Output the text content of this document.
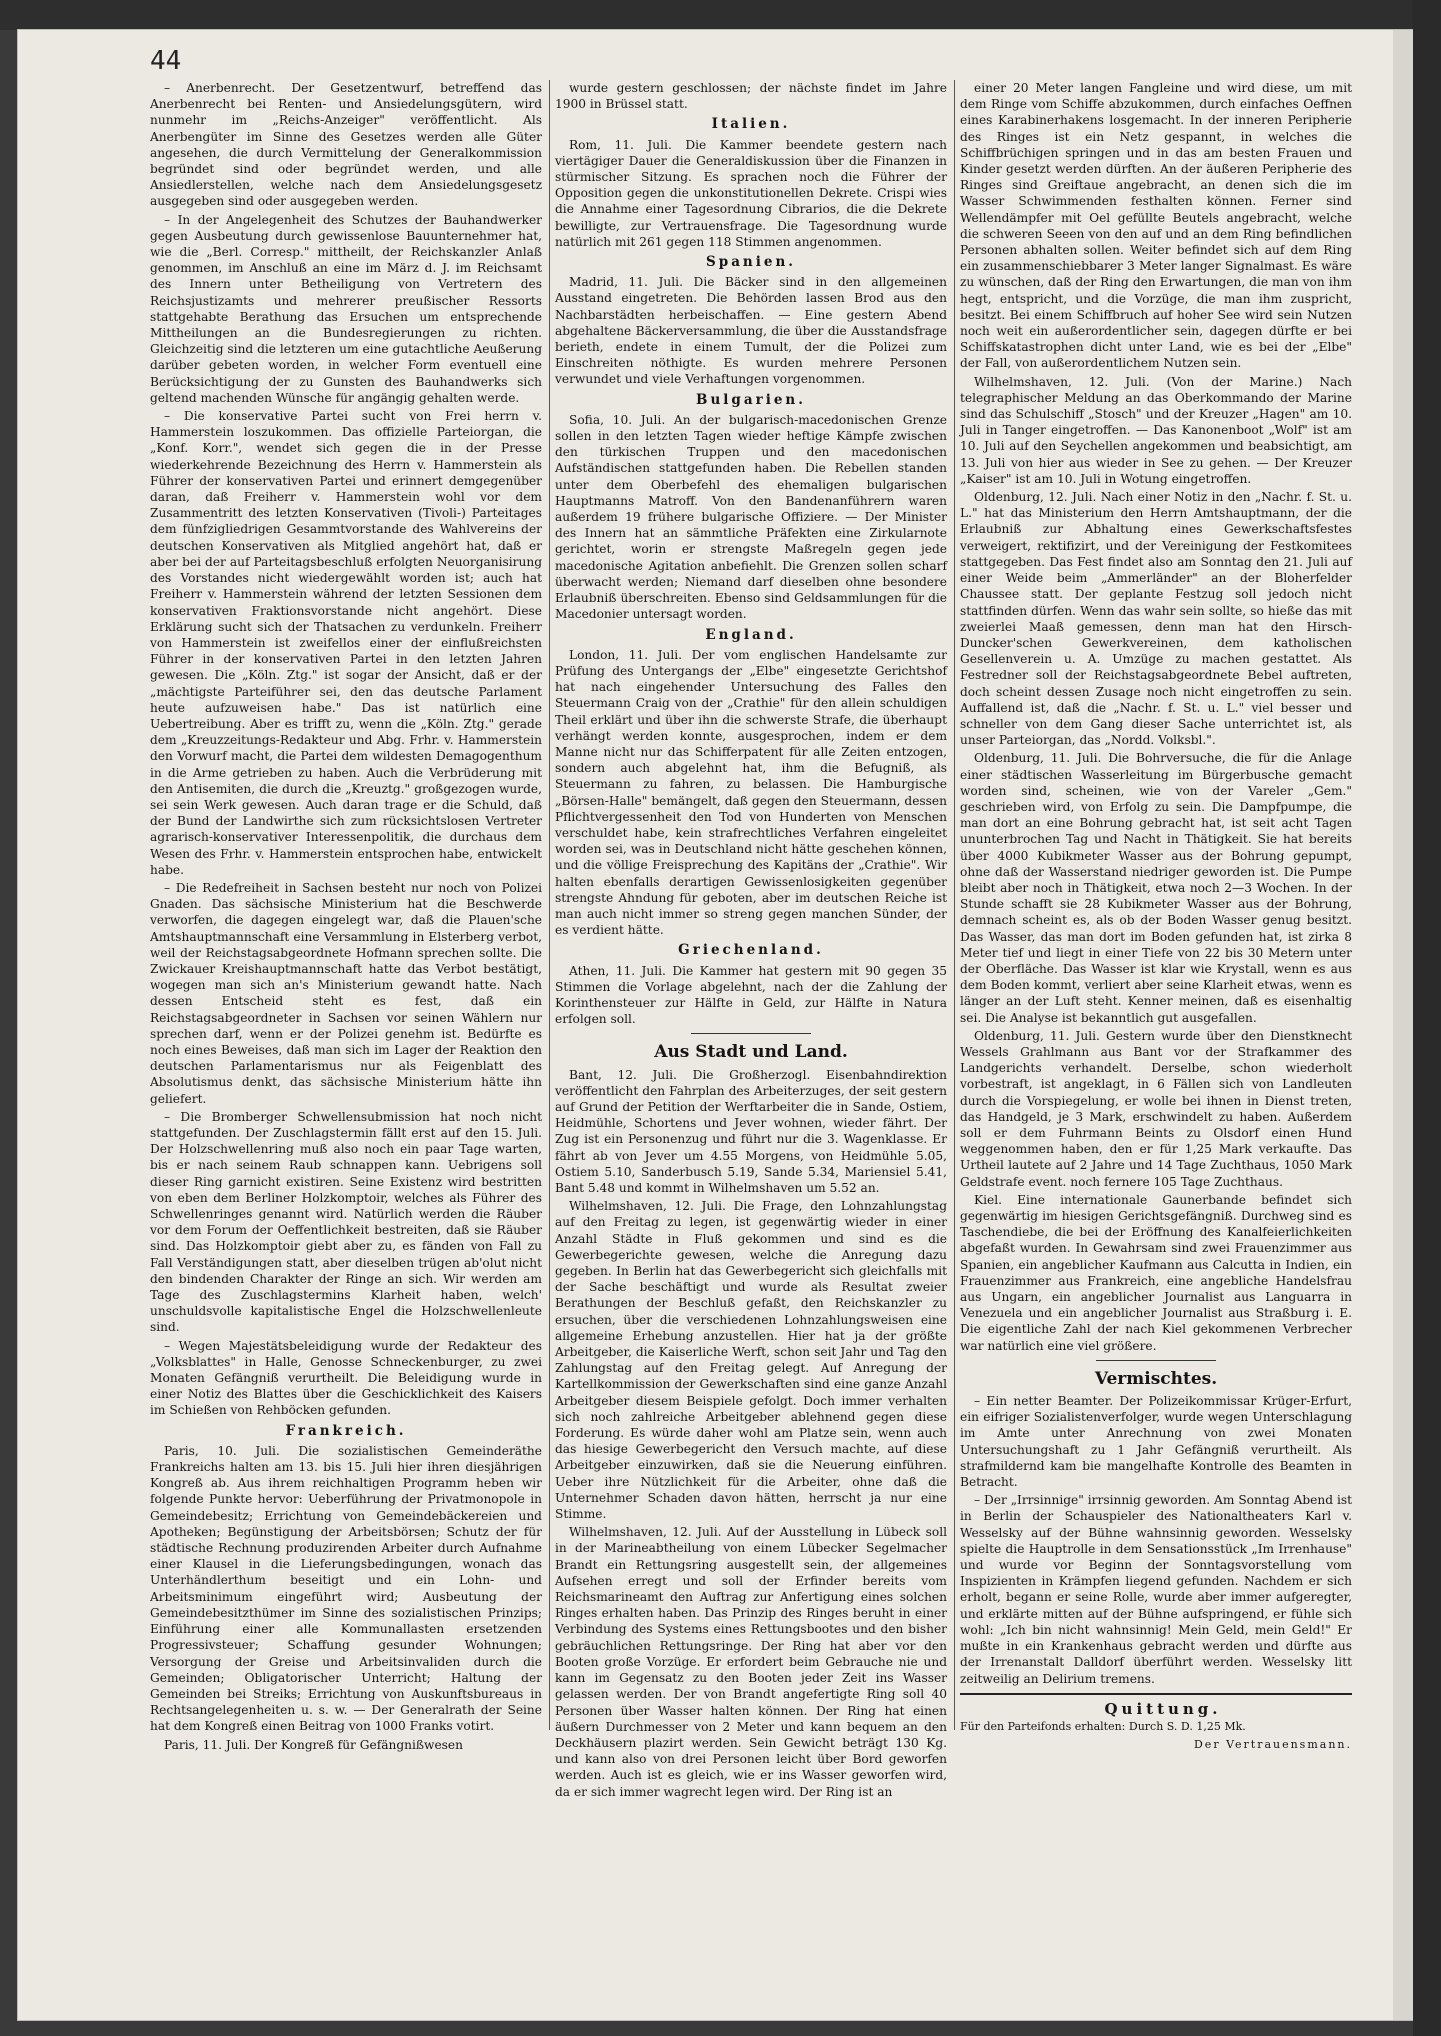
44

– Anerbenrecht. Der Gesetzentwurf, betreffend das Anerbenrecht bei Renten- und Ansiedelungsgütern, wird nunmehr im „Reichs-Anzeiger" veröffentlicht. Als Anerbengüter im Sinne des Gesetzes werden alle Güter angesehen, die durch Vermittelung der Generalkommission begründet sind oder begründet werden, und alle Ansiedlerstellen, welche nach dem Ansiedelungsgesetz ausgegeben sind oder ausgegeben werden.

– In der Angelegenheit des Schutzes der Bauhandwerker gegen Ausbeutung durch gewissenlose Bauunternehmer hat, wie die „Berl. Corresp." mittheilt, der Reichskanzler Anlaß genommen, im Anschluß an eine im März d. J. im Reichsamt des Innern unter Betheiligung von Vertretern des Reichsjustizamts und mehrerer preußischer Ressorts stattgehabte Berathung das Ersuchen um entsprechende Mittheilungen an die Bundesregierungen zu richten. Gleichzeitig sind die letzteren um eine gutachtliche Aeußerung darüber gebeten worden, in welcher Form eventuell eine Berücksichtigung der zu Gunsten des Bauhandwerks sich geltend machenden Wünsche für angängig gehalten werde.

– Die konservative Partei sucht von Frei herrn v. Hammerstein loszukommen. Das offizielle Parteiorgan, die „Konf. Korr.", wendet sich gegen die in der Presse wiederkehrende Bezeichnung des Herrn v. Hammerstein als Führer der konservativen Partei und erinnert demgegenüber daran, daß Freiherr v. Hammerstein wohl vor dem Zusammentritt des letzten Konservativen (Tivoli-) Parteitages dem fünfzigliedrigen Gesammtvorstande des Wahlvereins der deutschen Konservativen als Mitglied angehört hat, daß er aber bei der auf Parteitagsbeschluß erfolgten Neuorganisirung des Vorstandes nicht wiedergewählt worden ist; auch hat Freiherr v. Hammerstein während der letzten Sessionen dem konservativen Fraktionsvorstande nicht angehört. Diese Erklärung sucht sich der Thatsachen zu verdunkeln. Freiherr von Hammerstein ist zweifellos einer der einflußreichsten Führer in der konservativen Partei in den letzten Jahren gewesen. Die „Köln. Ztg." ist sogar der Ansicht, daß er der „mächtigste Parteiführer sei, den das deutsche Parlament heute aufzuweisen habe." Das ist natürlich eine Uebertreibung. Aber es trifft zu, wenn die „Köln. Ztg." gerade dem „Kreuzzeitungs-Redakteur und Abg. Frhr. v. Hammerstein den Vorwurf macht, die Partei dem wildesten Demagogenthum in die Arme getrieben zu haben. Auch die Verbrüderung mit den Antisemiten, die durch die „Kreuztg." großgezogen wurde, sei sein Werk gewesen. Auch daran trage er die Schuld, daß der Bund der Landwirthe sich zum rücksichtslosen Vertreter agrarisch-konservativer Interessenpolitik, die durchaus dem Wesen des Frhr. v. Hammerstein entsprochen habe, entwickelt habe.

– Die Redefreiheit in Sachsen besteht nur noch von Polizei Gnaden. Das sächsische Ministerium hat die Beschwerde verworfen, die dagegen eingelegt war, daß die Plauen'sche Amtshauptmannschaft eine Versammlung in Elsterberg verbot, weil der Reichstagsabgeordnete Hofmann sprechen sollte. Die Zwickauer Kreishauptmannschaft hatte das Verbot bestätigt, wogegen man sich an's Ministerium gewandt hatte. Nach dessen Entscheid steht es fest, daß ein Reichstagsabgeordneter in Sachsen vor seinen Wählern nur sprechen darf, wenn er der Polizei genehm ist. Bedürfte es noch eines Beweises, daß man sich im Lager der Reaktion den deutschen Parlamentarismus nur als Feigenblatt des Absolutismus denkt, das sächsische Ministerium hätte ihn geliefert.

– Die Bromberger Schwellensubmission hat noch nicht stattgefunden. Der Zuschlagstermin fällt erst auf den 15. Juli. Der Holzschwellenring muß also noch ein paar Tage warten, bis er nach seinem Raub schnappen kann. Uebrigens soll dieser Ring garnicht existiren. Seine Existenz wird bestritten von eben dem Berliner Holzkomptoir, welches als Führer des Schwellenringes genannt wird. Natürlich werden die Räuber vor dem Forum der Oeffentlichkeit bestreiten, daß sie Räuber sind. Das Holzkomptoir giebt aber zu, es fänden von Fall zu Fall Verständigungen statt, aber dieselben trügen ab'olut nicht den bindenden Charakter der Ringe an sich. Wir werden am Tage des Zuschlagstermins Klarheit haben, welch' unschuldsvolle kapitalistische Engel die Holzschwellenleute sind.

– Wegen Majestätsbeleidigung wurde der Redakteur des „Volksblattes" in Halle, Genosse Schneckenburger, zu zwei Monaten Gefängniß verurtheilt. Die Beleidigung wurde in einer Notiz des Blattes über die Geschicklichkeit des Kaisers im Schießen von Rehböcken gefunden.

Frankreich.

Paris, 10. Juli. Die sozialistischen Gemeinderäthe Frankreichs halten am 13. bis 15. Juli hier ihren diesjährigen Kongreß ab. Aus ihrem reichhaltigen Programm heben wir folgende Punkte hervor: Ueberführung der Privatmonopole in Gemeindebesitz; Errichtung von Gemeindebäckereien und Apotheken; Begünstigung der Arbeitsbörsen; Schutz der für städtische Rechnung produzirenden Arbeiter durch Aufnahme einer Klausel in die Lieferungsbedingungen, wonach das Unterhändlerthum beseitigt und ein Lohn- und Arbeitsminimum eingeführt wird; Ausbeutung der Gemeindebesitzthümer im Sinne des sozialistischen Prinzips; Einführung einer alle Kommunallasten ersetzenden Progressivsteuer; Schaffung gesunder Wohnungen; Versorgung der Greise und Arbeitsinvaliden durch die Gemeinden; Obligatorischer Unterricht; Haltung der Gemeinden bei Streiks; Errichtung von Auskunftsbureaus in Rechtsangelegenheiten u. s. w. — Der Generalrath der Seine hat dem Kongreß einen Beitrag von 1000 Franks votirt.

Paris, 11. Juli. Der Kongreß für Gefängnißwesen

wurde gestern geschlossen; der nächste findet im Jahre 1900 in Brüssel statt.

Italien.

Rom, 11. Juli. Die Kammer beendete gestern nach viertägiger Dauer die Generaldiskussion über die Finanzen in stürmischer Sitzung. Es sprachen noch die Führer der Opposition gegen die unkonstitutionellen Dekrete. Crispi wies die Annahme einer Tagesordnung Cibrarios, die die Dekrete bewilligte, zur Vertrauensfrage. Die Tagesordnung wurde natürlich mit 261 gegen 118 Stimmen angenommen.

Spanien.

Madrid, 11. Juli. Die Bäcker sind in den allgemeinen Ausstand eingetreten. Die Behörden lassen Brod aus den Nachbarstädten herbeischaffen. — Eine gestern Abend abgehaltene Bäckerversammlung, die über die Ausstandsfrage berieth, endete in einem Tumult, der die Polizei zum Einschreiten nöthigte. Es wurden mehrere Personen verwundet und viele Verhaftungen vorgenommen.

Bulgarien.

Sofia, 10. Juli. An der bulgarisch-macedonischen Grenze sollen in den letzten Tagen wieder heftige Kämpfe zwischen den türkischen Truppen und den macedonischen Aufständischen stattgefunden haben. Die Rebellen standen unter dem Oberbefehl des ehemaligen bulgarischen Hauptmanns Matroff. Von den Bandenanführern waren außerdem 19 frühere bulgarische Offiziere. — Der Minister des Innern hat an sämmtliche Präfekten eine Zirkularnote gerichtet, worin er strengste Maßregeln gegen jede macedonische Agitation anbefiehlt. Die Grenzen sollen scharf überwacht werden; Niemand darf dieselben ohne besondere Erlaubniß überschreiten. Ebenso sind Geldsammlungen für die Macedonier untersagt worden.

England.

London, 11. Juli. Der vom englischen Handelsamte zur Prüfung des Untergangs der „Elbe" eingesetzte Gerichtshof hat nach eingehender Untersuchung des Falles den Steuermann Craig von der „Crathie" für den allein schuldigen Theil erklärt und über ihn die schwerste Strafe, die überhaupt verhängt werden konnte, ausgesprochen, indem er dem Manne nicht nur das Schifferpatent für alle Zeiten entzogen, sondern auch abgelehnt hat, ihm die Befugniß, als Steuermann zu fahren, zu belassen. Die Hamburgische „Börsen-Halle" bemängelt, daß gegen den Steuermann, dessen Pflichtvergessenheit den Tod von Hunderten von Menschen verschuldet habe, kein strafrechtliches Verfahren eingeleitet worden sei, was in Deutschland nicht hätte geschehen können, und die völlige Freisprechung des Kapitäns der „Crathie". Wir halten ebenfalls derartigen Gewissenlosigkeiten gegenüber strengste Ahndung für geboten, aber im deutschen Reiche ist man auch nicht immer so streng gegen manchen Sünder, der es verdient hätte.

Griechenland.

Athen, 11. Juli. Die Kammer hat gestern mit 90 gegen 35 Stimmen die Vorlage abgelehnt, nach der die Zahlung der Korinthensteuer zur Hälfte in Geld, zur Hälfte in Natura erfolgen soll.

Aus Stadt und Land.

Bant, 12. Juli. Die Großherzogl. Eisenbahndirektion veröffentlicht den Fahrplan des Arbeiterzuges, der seit gestern auf Grund der Petition der Werftarbeiter die in Sande, Ostiem, Heidmühle, Schortens und Jever wohnen, wieder fährt. Der Zug ist ein Personenzug und führt nur die 3. Wagenklasse. Er fährt ab von Jever um 4.55 Morgens, von Heidmühle 5.05, Ostiem 5.10, Sanderbusch 5.19, Sande 5.34, Mariensiel 5.41, Bant 5.48 und kommt in Wilhelmshaven um 5.52 an.

Wilhelmshaven, 12. Juli. Die Frage, den Lohnzahlungstag auf den Freitag zu legen, ist gegenwärtig wieder in einer Anzahl Städte in Fluß gekommen und sind es die Gewerbegerichte gewesen, welche die Anregung dazu gegeben. In Berlin hat das Gewerbegericht sich gleichfalls mit der Sache beschäftigt und wurde als Resultat zweier Berathungen der Beschluß gefaßt, den Reichskanzler zu ersuchen, über die verschiedenen Lohnzahlungsweisen eine allgemeine Erhebung anzustellen. Hier hat ja der größte Arbeitgeber, die Kaiserliche Werft, schon seit Jahr und Tag den Zahlungstag auf den Freitag gelegt. Auf Anregung der Kartellkommission der Gewerkschaften sind eine ganze Anzahl Arbeitgeber diesem Beispiele gefolgt. Doch immer verhalten sich noch zahlreiche Arbeitgeber ablehnend gegen diese Forderung. Es würde daher wohl am Platze sein, wenn auch das hiesige Gewerbegericht den Versuch machte, auf diese Arbeitgeber einzuwirken, daß sie die Neuerung einführen. Ueber ihre Nützlichkeit für die Arbeiter, ohne daß die Unternehmer Schaden davon hätten, herrscht ja nur eine Stimme.

Wilhelmshaven, 12. Juli. Auf der Ausstellung in Lübeck soll in der Marineabtheilung von einem Lübecker Segelmacher Brandt ein Rettungsring ausgestellt sein, der allgemeines Aufsehen erregt und soll der Erfinder bereits vom Reichsmarineamt den Auftrag zur Anfertigung eines solchen Ringes erhalten haben. Das Prinzip des Ringes beruht in einer Verbindung des Systems eines Rettungsbootes und den bisher gebräuchlichen Rettungsringe. Der Ring hat aber vor den Booten große Vorzüge. Er erfordert beim Gebrauche nie und kann im Gegensatz zu den Booten jeder Zeit ins Wasser gelassen werden. Der von Brandt angefertigte Ring soll 40 Personen über Wasser halten können. Der Ring hat einen äußern Durchmesser von 2 Meter und kann bequem an den Deckhäusern plazirt werden. Sein Gewicht beträgt 130 Kg. und kann also von drei Personen leicht über Bord geworfen werden. Auch ist es gleich, wie er ins Wasser geworfen wird, da er sich immer wagrecht legen wird. Der Ring ist an

einer 20 Meter langen Fangleine und wird diese, um mit dem Ringe vom Schiffe abzukommen, durch einfaches Oeffnen eines Karabinerhakens losgemacht. In der inneren Peripherie des Ringes ist ein Netz gespannt, in welches die Schiffbrüchigen springen und in das am besten Frauen und Kinder gesetzt werden dürften. An der äußeren Peripherie des Ringes sind Greiftaue angebracht, an denen sich die im Wasser Schwimmenden festhalten können. Ferner sind Wellendämpfer mit Oel gefüllte Beutels angebracht, welche die schweren Seeen von den auf und an dem Ring befindlichen Personen abhalten sollen. Weiter befindet sich auf dem Ring ein zusammenschiebbarer 3 Meter langer Signalmast. Es wäre zu wünschen, daß der Ring den Erwartungen, die man von ihm hegt, entspricht, und die Vorzüge, die man ihm zuspricht, besitzt. Bei einem Schiffbruch auf hoher See wird sein Nutzen noch weit ein außerordentlicher sein, dagegen dürfte er bei Schiffskatastrophen dicht unter Land, wie es bei der „Elbe" der Fall, von außerordentlichem Nutzen sein.

Wilhelmshaven, 12. Juli. (Von der Marine.) Nach telegraphischer Meldung an das Oberkommando der Marine sind das Schulschiff „Stosch" und der Kreuzer „Hagen" am 10. Juli in Tanger eingetroffen. — Das Kanonenboot „Wolf" ist am 10. Juli auf den Seychellen angekommen und beabsichtigt, am 13. Juli von hier aus wieder in See zu gehen. — Der Kreuzer „Kaiser" ist am 10. Juli in Wotung eingetroffen.

Oldenburg, 12. Juli. Nach einer Notiz in den „Nachr. f. St. u. L." hat das Ministerium den Herrn Amtshauptmann, der die Erlaubniß zur Abhaltung eines Gewerkschaftsfestes verweigert, rektifizirt, und der Vereinigung der Festkomitees stattgegeben. Das Fest findet also am Sonntag den 21. Juli auf einer Weide beim „Ammerländer" an der Bloherfelder Chaussee statt. Der geplante Festzug soll jedoch nicht stattfinden dürfen. Wenn das wahr sein sollte, so hieße das mit zweierlei Maaß gemessen, denn man hat den Hirsch-Duncker'schen Gewerkvereinen, dem katholischen Gesellenverein u. A. Umzüge zu machen gestattet. Als Festredner soll der Reichstagsabgeordnete Bebel auftreten, doch scheint dessen Zusage noch nicht eingetroffen zu sein. Auffallend ist, daß die „Nachr. f. St. u. L." viel besser und schneller von dem Gang dieser Sache unterrichtet ist, als unser Parteiorgan, das „Nordd. Volksbl.".

Oldenburg, 11. Juli. Die Bohrversuche, die für die Anlage einer städtischen Wasserleitung im Bürgerbusche gemacht worden sind, scheinen, wie von der Vareler „Gem." geschrieben wird, von Erfolg zu sein. Die Dampfpumpe, die man dort an eine Bohrung gebracht hat, ist seit acht Tagen ununterbrochen Tag und Nacht in Thätigkeit. Sie hat bereits über 4000 Kubikmeter Wasser aus der Bohrung gepumpt, ohne daß der Wasserstand niedriger geworden ist. Die Pumpe bleibt aber noch in Thätigkeit, etwa noch 2—3 Wochen. In der Stunde schafft sie 28 Kubikmeter Wasser aus der Bohrung, demnach scheint es, als ob der Boden Wasser genug besitzt. Das Wasser, das man dort im Boden gefunden hat, ist zirka 8 Meter tief und liegt in einer Tiefe von 22 bis 30 Metern unter der Oberfläche. Das Wasser ist klar wie Krystall, wenn es aus dem Boden kommt, verliert aber seine Klarheit etwas, wenn es länger an der Luft steht. Kenner meinen, daß es eisenhaltig sei. Die Analyse ist bekanntlich gut ausgefallen.

Oldenburg, 11. Juli. Gestern wurde über den Dienstknecht Wessels Grahlmann aus Bant vor der Strafkammer des Landgerichts verhandelt. Derselbe, schon wiederholt vorbestraft, ist angeklagt, in 6 Fällen sich von Landleuten durch die Vorspiegelung, er wolle bei ihnen in Dienst treten, das Handgeld, je 3 Mark, erschwindelt zu haben. Außerdem soll er dem Fuhrmann Beints zu Olsdorf einen Hund weggenommen haben, den er für 1,25 Mark verkaufte. Das Urtheil lautete auf 2 Jahre und 14 Tage Zuchthaus, 1050 Mark Geldstrafe event. noch fernere 105 Tage Zuchthaus.

Kiel. Eine internationale Gaunerbande befindet sich gegenwärtig im hiesigen Gerichtsgefängniß. Durchweg sind es Taschendiebe, die bei der Eröffnung des Kanalfeierlichkeiten abgefaßt wurden. In Gewahrsam sind zwei Frauenzimmer aus Spanien, ein angeblicher Kaufmann aus Calcutta in Indien, ein Frauenzimmer aus Frankreich, eine angebliche Handelsfrau aus Ungarn, ein angeblicher Journalist aus Languarra in Venezuela und ein angeblicher Journalist aus Straßburg i. E. Die eigentliche Zahl der nach Kiel gekommenen Verbrecher war natürlich eine viel größere.

Vermischtes.

– Ein netter Beamter. Der Polizeikommissar Krüger-Erfurt, ein eifriger Sozialistenverfolger, wurde wegen Unterschlagung im Amte unter Anrechnung von zwei Monaten Untersuchungshaft zu 1 Jahr Gefängniß verurtheilt. Als strafmildernd kam bie mangelhafte Kontrolle des Beamten in Betracht.

– Der „Irrsinnige" irrsinnig geworden. Am Sonntag Abend ist in Berlin der Schauspieler des Nationaltheaters Karl v. Wesselsky auf der Bühne wahnsinnig geworden. Wesselsky spielte die Hauptrolle in dem Sensationsstück „Im Irrenhause" und wurde vor Beginn der Sonntagsvorstellung vom Inspizienten in Krämpfen liegend gefunden. Nachdem er sich erholt, begann er seine Rolle, wurde aber immer aufgeregter, und erklärte mitten auf der Bühne aufspringend, er fühle sich wohl: „Ich bin nicht wahnsinnig! Mein Geld, mein Geld!" Er mußte in ein Krankenhaus gebracht werden und dürfte aus der Irrenanstalt Dalldorf überführt werden. Wesselsky litt zeitweilig an Delirium tremens.

Quittung.

Für den Parteifonds erhalten: Durch S. D. 1,25 Mk.

Der Vertrauensmann.
